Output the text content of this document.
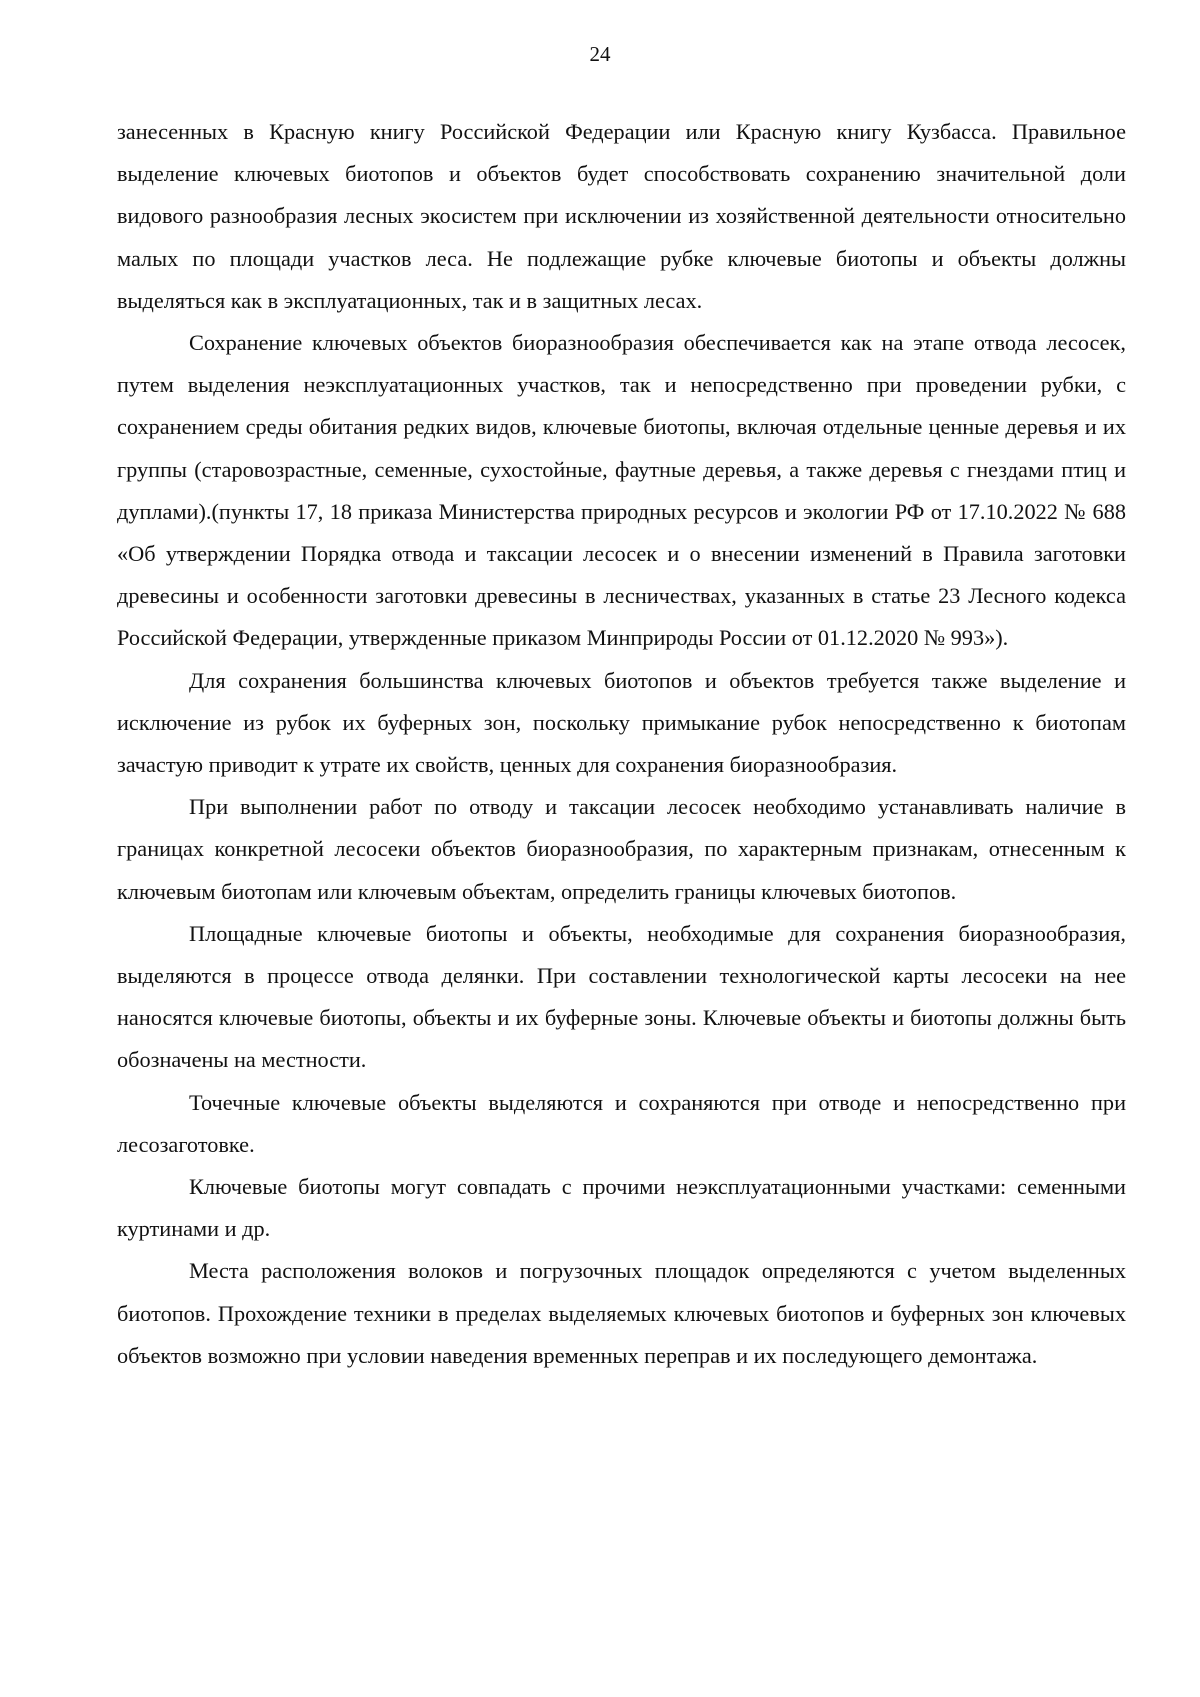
24

занесенных в Красную книгу Российской Федерации или Красную книгу Кузбасса. Правильное выделение ключевых биотопов и объектов будет способствовать сохранению значительной доли видового разнообразия лесных экосистем при исключении из хозяйственной деятельности относительно малых по площади участков леса. Не подлежащие рубке ключевые биотопы и объекты должны выделяться как в эксплуатационных, так и в защитных лесах.

Сохранение ключевых объектов биоразнообразия обеспечивается как на этапе отвода лесосек, путем выделения неэксплуатационных участков, так и непосредственно при проведении рубки, с сохранением среды обитания редких видов, ключевые биотопы, включая отдельные ценные деревья и их группы (старовозрастные, семенные, сухостойные, фаутные деревья, а также деревья с гнездами птиц и дуплами).(пункты 17, 18 приказа Министерства природных ресурсов и экологии РФ от 17.10.2022 № 688 «Об утверждении Порядка отвода и таксации лесосек и о внесении изменений в Правила заготовки древесины и особенности заготовки древесины в лесничествах, указанных в статье 23 Лесного кодекса Российской Федерации, утвержденные приказом Минприроды России от 01.12.2020 № 993»).

Для сохранения большинства ключевых биотопов и объектов требуется также выделение и исключение из рубок их буферных зон, поскольку примыкание рубок непосредственно к биотопам зачастую приводит к утрате их свойств, ценных для сохранения биоразнообразия.

При выполнении работ по отводу и таксации лесосек необходимо устанавливать наличие в границах конкретной лесосеки объектов биоразнообразия, по характерным признакам, отнесенным к ключевым биотопам или ключевым объектам, определить границы ключевых биотопов.

Площадные ключевые биотопы и объекты, необходимые для сохранения биоразнообразия, выделяются в процессе отвода делянки. При составлении технологической карты лесосеки на нее наносятся ключевые биотопы, объекты и их буферные зоны. Ключевые объекты и биотопы должны быть обозначены на местности.

Точечные ключевые объекты выделяются и сохраняются при отводе и непосредственно при лесозаготовке.

Ключевые биотопы могут совпадать с прочими неэксплуатационными участками: семенными куртинами и др.

Места расположения волоков и погрузочных площадок определяются с учетом выделенных биотопов. Прохождение техники в пределах выделяемых ключевых биотопов и буферных зон ключевых объектов возможно при условии наведения временных переправ и их последующего демонтажа.
